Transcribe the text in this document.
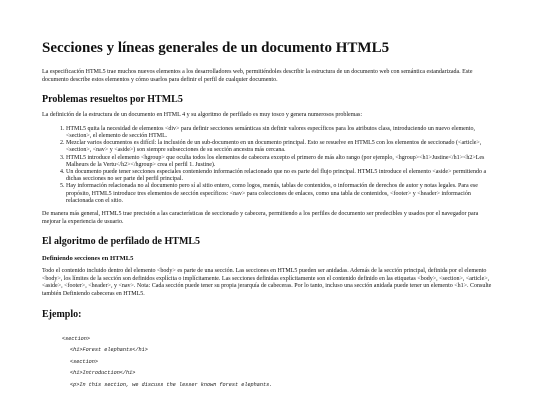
Secciones y líneas generales de un documento HTML5

La especificación HTML5 trae muchos nuevos elementos a los desarrolladores web, permitiéndoles describir la estructura de un documento web con semántica estandarizada. Este documento describe estos elementos y cómo usarlos para definir el perfil de cualquier documento.

Problemas resueltos por HTML5

La definición de la estructura de un documento en HTML 4 y su algoritmo de perfilado es muy tosco y genera numerosos problemas:

1. HTML5 quita la necesidad de elementos <div> para definir secciones semánticas sin definir valores específicos para los atributos class, introduciendo un nuevo elemento, <section>, el elemento de sección HTML.
2. Mezclar varios documentos es difícil: la inclusión de un sub-documento en un documento principal. Esto se resuelve en HTML5 con los elementos de seccionado (<article>, <section>, <nav> y <aside>) son siempre subsecciones de su sección ancestra más cercana.
3. HTML5 introduce el elemento <hgroup> que oculta todos los elementos de cabecera excepto el primero de más alto rango (por ejemplo, <hgroup><h1>Justine</h1><h2>Les Malheurs de la Vertu</h2></hgroup> crea el perfil 1. Justine).
4. Un documento puede tener secciones especiales conteniendo información relacionado que no es parte del flujo principal. HTML5 introduce el elemento <aside> permitiendo a dichas secciones no ser parte del perfil principal.
5. Hay información relacionada no al documento pero sí al sitio entero, como logos, menús, tablas de contenidos, o información de derechos de autor y notas legales. Para ese propósito, HTML5 introduce tres elementos de sección específicos: <nav> para colecciones de enlaces, como una tabla de contenidos, <footer> y <header> información relacionada con el sitio.

De manera más general, HTML5 trae precisión a las características de seccionado y cabecera, permitiendo a los perfiles de documento ser predecibles y usados por el navegador para mejorar la experiencia de usuario.

El algoritmo de perfilado de HTML5
Definiendo secciones en HTML5

Todo el contenido incluido dentro del elemento <body> es parte de una sección. Las secciones en HTML5 pueden ser anidadas. Además de la sección principal, definida por el elemento <body>, los límites de la sección son definidos explícita o implícitamente. Las secciones definidas explícitamente son el contenido definido en las etiquetas <body>, <section>, <article>, <aside>, <footer>, <header>, y <nav>. Nota: Cada sección puede tener su propia jerarquía de cabeceras. Por lo tanto, incluso una sección anidada puede tener un elemento <h1>. Consulte también Definiendo cabeceras en HTML5.

Ejemplo:
<section>
<h1>Forest elephants</h1>
<section>
<h1>Introduction</h1>
<p>In this section, we discuss the lesser known forest elephants.
